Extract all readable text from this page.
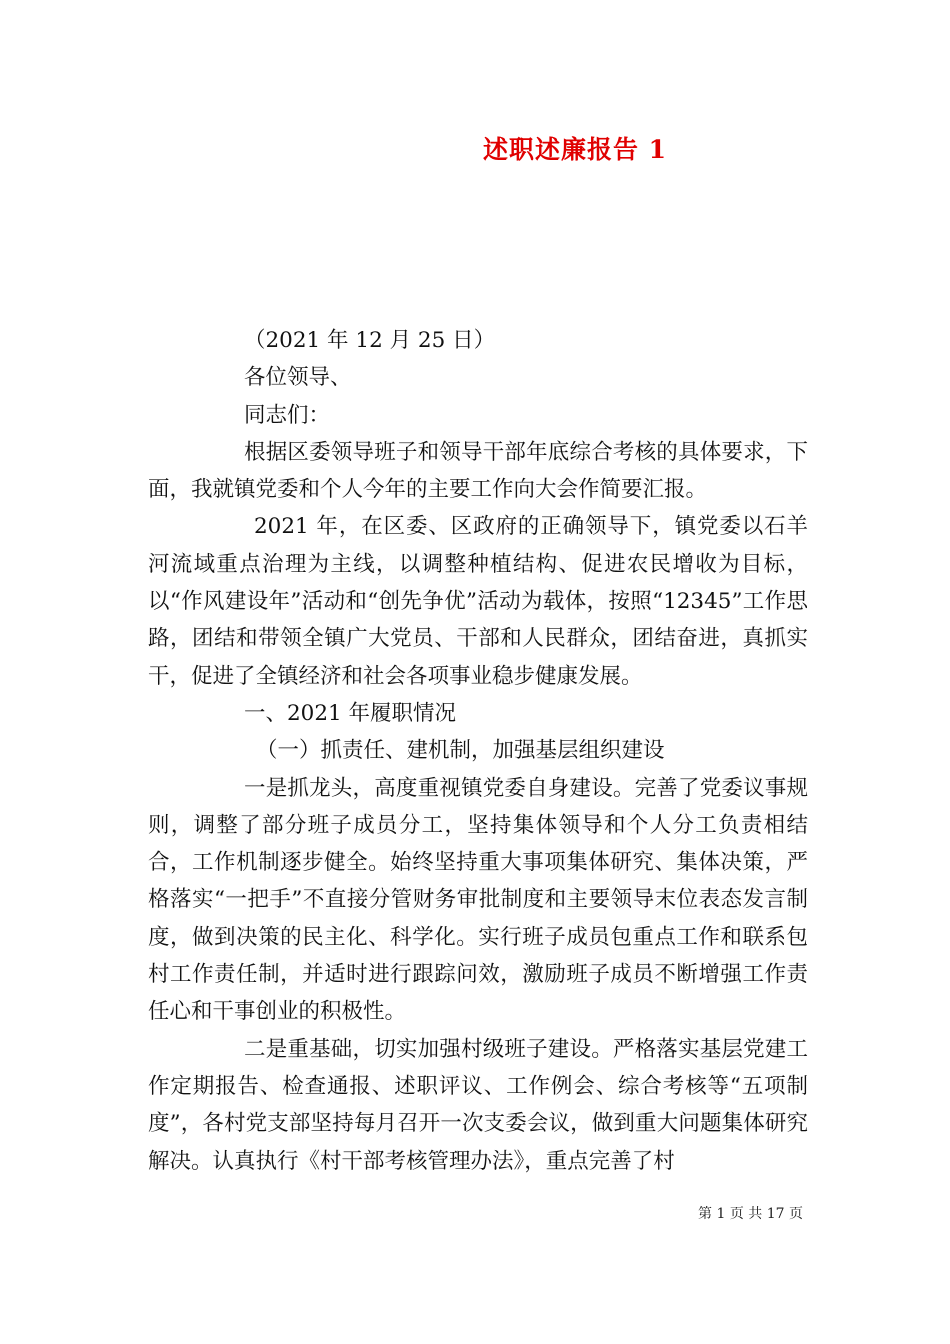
述职述廉报告 1

（2021 年 12 月 25 日）

各位领导、

同志们：

根据区委领导班子和领导干部年底综合考核的具体要求，下面，我就镇党委和个人今年的主要工作向大会作简要汇报。

2021 年，在区委、区政府的正确领导下，镇党委以石羊河流域重点治理为主线，以调整种植结构、促进农民增收为目标，以“作风建设年”活动和“创先争优”活动为载体，按照“12345”工作思路，团结和带领全镇广大党员、干部和人民群众，团结奋进，真抓实干，促进了全镇经济和社会各项事业稳步健康发展。

一、2021 年履职情况

（一）抓责任、建机制，加强基层组织建设

一是抓龙头，高度重视镇党委自身建设。完善了党委议事规则，调整了部分班子成员分工，坚持集体领导和个人分工负责相结合，工作机制逐步健全。始终坚持重大事项集体研究、集体决策，严格落实“一把手”不直接分管财务审批制度和主要领导末位表态发言制度，做到决策的民主化、科学化。实行班子成员包重点工作和联系包村工作责任制，并适时进行跟踪问效，激励班子成员不断增强工作责任心和干事创业的积极性。

二是重基础，切实加强村级班子建设。严格落实基层党建工作定期报告、检查通报、述职评议、工作例会、综合考核等“五项制度”，各村党支部坚持每月召开一次支委会议，做到重大问题集体研究解决。认真执行《村干部考核管理办法》，重点完善了村

第 1 页 共 17 页
